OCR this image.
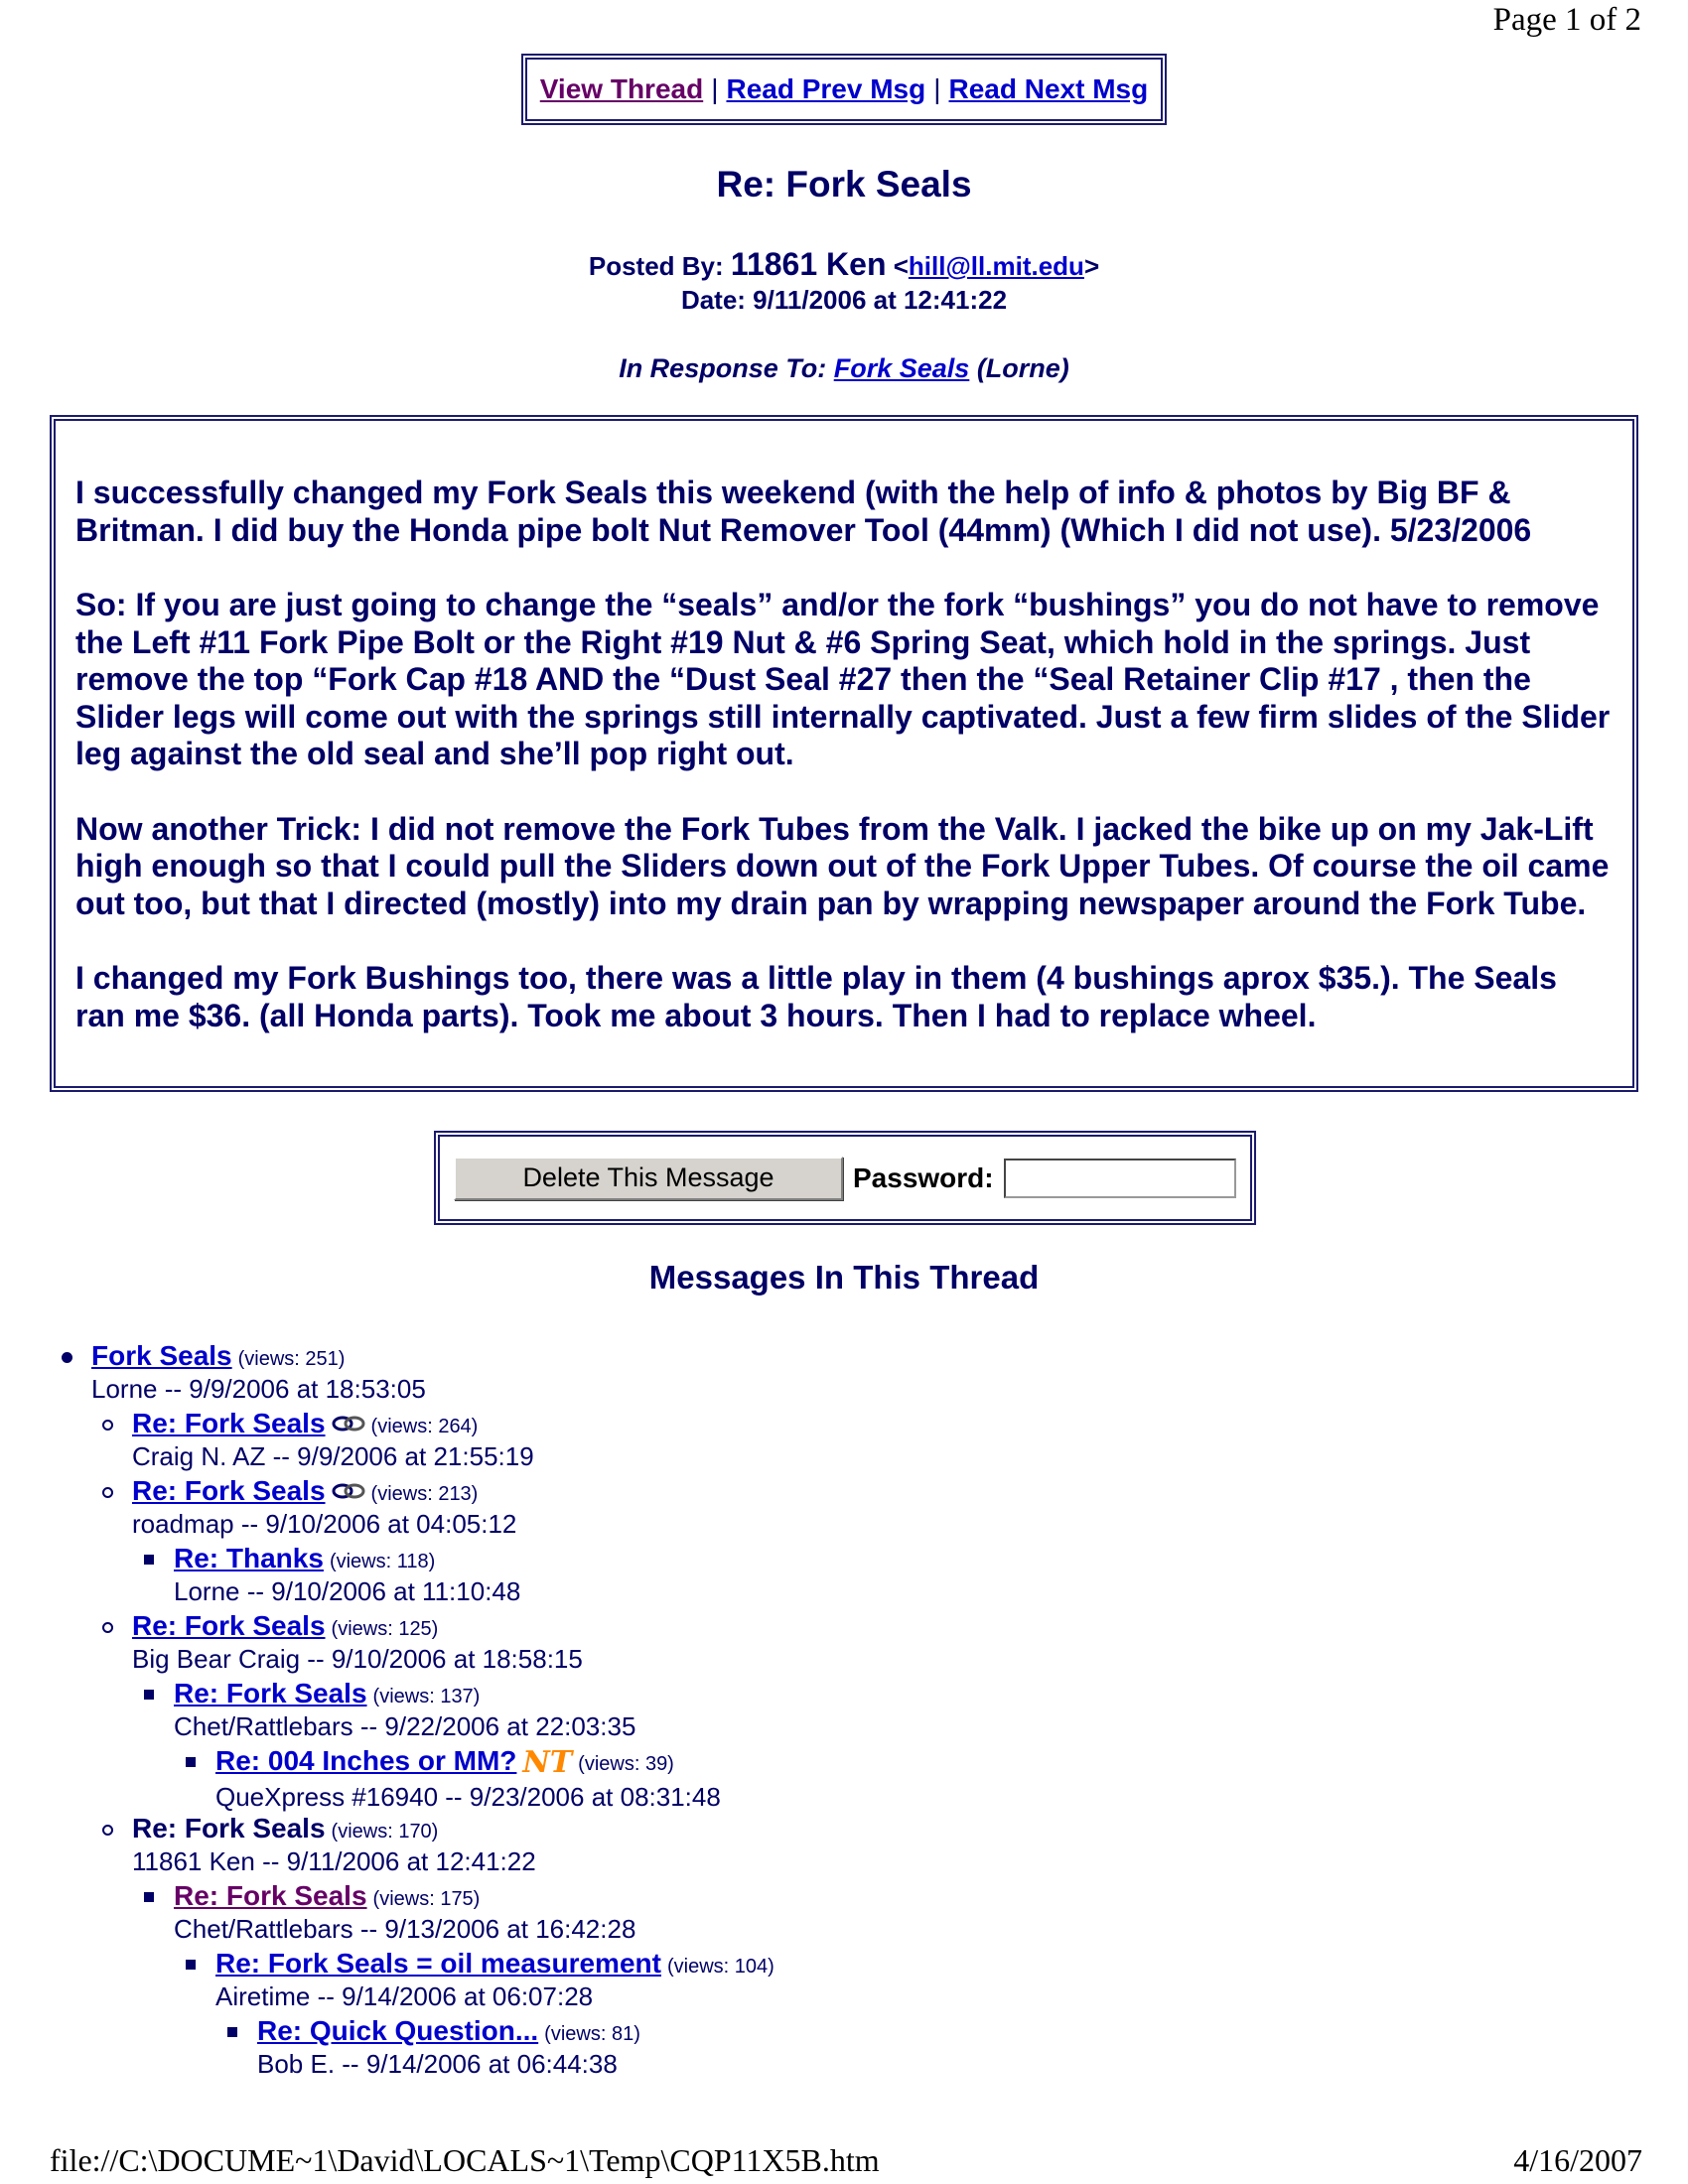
Page 1 of 2
View Thread | Read Prev Msg | Read Next Msg
Re: Fork Seals
Posted By: 11861 Ken <hill@ll.mit.edu>
Date: 9/11/2006 at 12:41:22
In Response To: Fork Seals (Lorne)

I successfully changed my Fork Seals this weekend (with the help of info & photos by Big BF & Britman. I did buy the Honda pipe bolt Nut Remover Tool (44mm) (Which I did not use). 5/23/2006

So: If you are just going to change the “seals” and/or the fork “bushings” you do not have to remove the Left #11 Fork Pipe Bolt or the Right #19 Nut & #6 Spring Seat, which hold in the springs. Just remove the top “Fork Cap #18 AND the “Dust Seal #27 then the “Seal Retainer Clip #17 , then the Slider legs will come out with the springs still internally captivated. Just a few firm slides of the Slider leg against the old seal and she’ll pop right out.

Now another Trick: I did not remove the Fork Tubes from the Valk. I jacked the bike up on my Jak-Lift high enough so that I could pull the Sliders down out of the Fork Upper Tubes. Of course the oil came out too, but that I directed (mostly) into my drain pan by wrapping newspaper around the Fork Tube.

I changed my Fork Bushings too, there was a little play in them (4 bushings aprox $35.). The Seals ran me $36. (all Honda parts). Took me about 3 hours. Then I had to replace wheel.

Delete This Message	Password:
Messages In This Thread
Fork Seals (views: 251)
Lorne -- 9/9/2006 at 18:53:05
Re: Fork Seals (views: 264)
Craig N. AZ -- 9/9/2006 at 21:55:19
Re: Fork Seals (views: 213)
roadmap -- 9/10/2006 at 04:05:12
Re: Thanks (views: 118)
Lorne -- 9/10/2006 at 11:10:48
Re: Fork Seals (views: 125)
Big Bear Craig -- 9/10/2006 at 18:58:15
Re: Fork Seals (views: 137)
Chet/Rattlebars -- 9/22/2006 at 22:03:35
Re: 004 Inches or MM? NT (views: 39)
QueXpress #16940 -- 9/23/2006 at 08:31:48
Re: Fork Seals (views: 170)
11861 Ken -- 9/11/2006 at 12:41:22
Re: Fork Seals (views: 175)
Chet/Rattlebars -- 9/13/2006 at 16:42:28
Re: Fork Seals = oil measurement (views: 104)
Airetime -- 9/14/2006 at 06:07:28
Re: Quick Question... (views: 81)
Bob E. -- 9/14/2006 at 06:44:38
file://C:\DOCUME~1\David\LOCALS~1\Temp\CQP11X5B.htm	4/16/2007
